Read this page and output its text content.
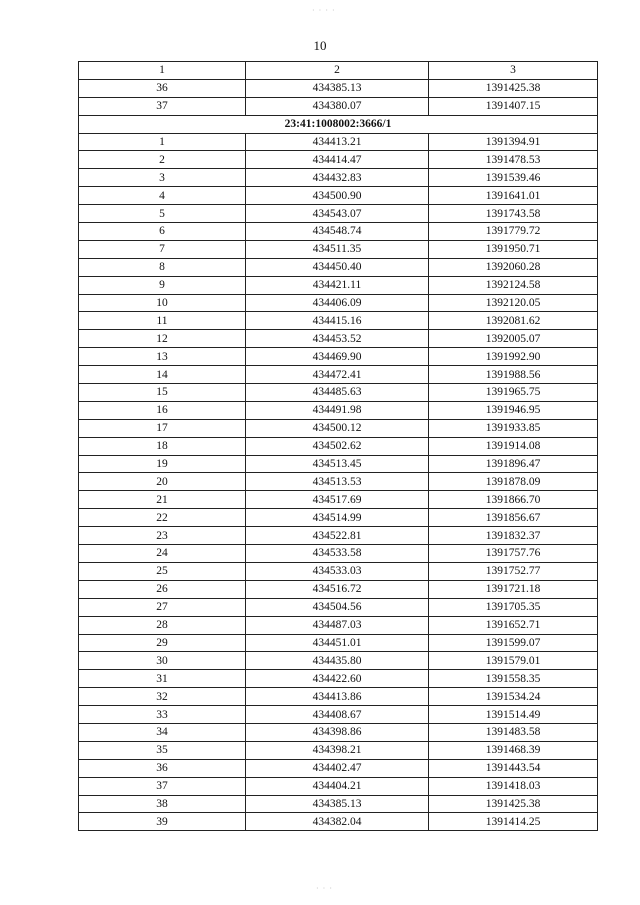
· · · ·
10
1	2	3
36	434385.13	1391425.38
37	434380.07	1391407.15
23:41:1008002:3666/1		
1	434413.21	1391394.91
2	434414.47	1391478.53
3	434432.83	1391539.46
4	434500.90	1391641.01
5	434543.07	1391743.58
6	434548.74	1391779.72
7	434511.35	1391950.71
8	434450.40	1392060.28
9	434421.11	1392124.58
10	434406.09	1392120.05
11	434415.16	1392081.62
12	434453.52	1392005.07
13	434469.90	1391992.90
14	434472.41	1391988.56
15	434485.63	1391965.75
16	434491.98	1391946.95
17	434500.12	1391933.85
18	434502.62	1391914.08
19	434513.45	1391896.47
20	434513.53	1391878.09
21	434517.69	1391866.70
22	434514.99	1391856.67
23	434522.81	1391832.37
24	434533.58	1391757.76
25	434533.03	1391752.77
26	434516.72	1391721.18
27	434504.56	1391705.35
28	434487.03	1391652.71
29	434451.01	1391599.07
30	434435.80	1391579.01
31	434422.60	1391558.35
32	434413.86	1391534.24
33	434408.67	1391514.49
34	434398.86	1391483.58
35	434398.21	1391468.39
36	434402.47	1391443.54
37	434404.21	1391418.03
38	434385.13	1391425.38
39	434382.04	1391414.25
· · ·
